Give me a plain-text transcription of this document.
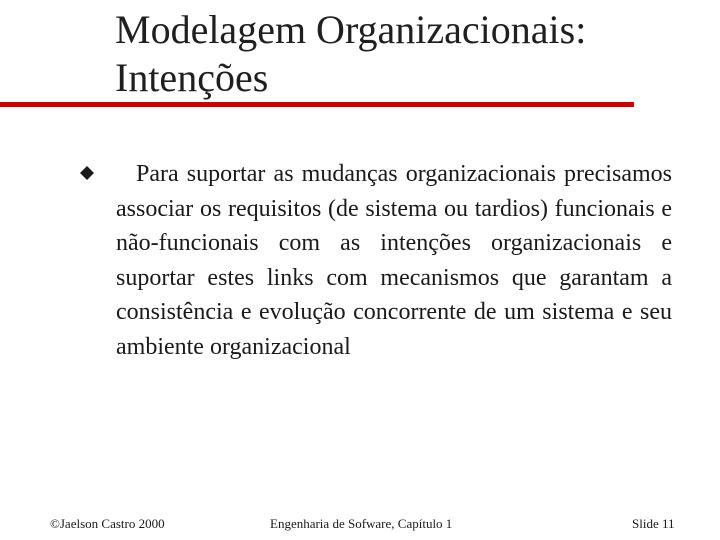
Modelagem Organizacionais:
Intenções

Para suportar as mudanças organizacionais precisamos associar os requisitos (de sistema ou tardios) funcionais e não-funcionais com as intenções organizacionais e suportar estes links com mecanismos que garantam a consistência e evolução concorrente de um sistema e seu ambiente organizacional

©Jaelson Castro 2000	Engenharia de Sofware, Capítulo 1	Slide 11
